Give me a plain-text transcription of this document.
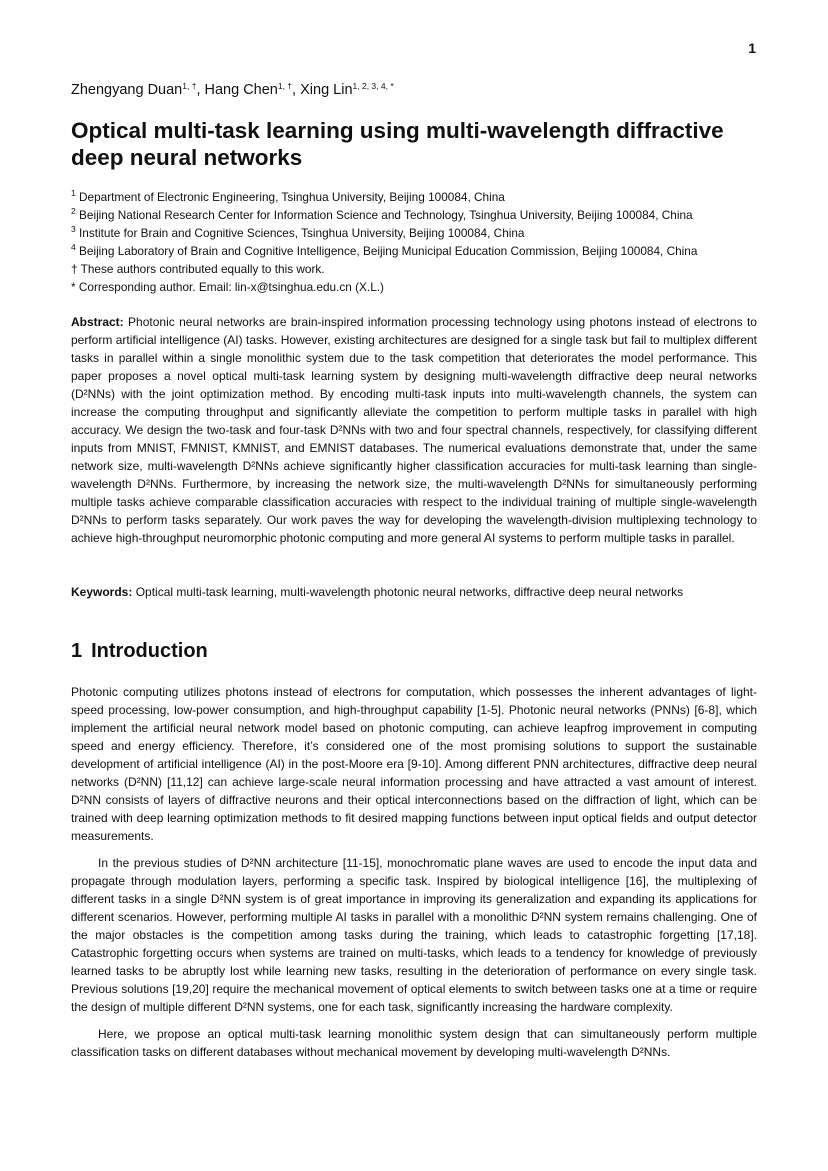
1
Zhengyang Duan$^{1, \dagger}$, Hang Chen$^{1, \dagger}$, Xing Lin$^{1, 2, 3, 4, *}$
Optical multi-task learning using multi-wavelength diffractive deep neural networks
$^1$ Department of Electronic Engineering, Tsinghua University, Beijing 100084, China
$^2$ Beijing National Research Center for Information Science and Technology, Tsinghua University, Beijing 100084, China
$^3$ Institute for Brain and Cognitive Sciences, Tsinghua University, Beijing 100084, China
$^4$ Beijing Laboratory of Brain and Cognitive Intelligence, Beijing Municipal Education Commission, Beijing 100084, China
† These authors contributed equally to this work.
* Corresponding author. Email: lin-x@tsinghua.edu.cn (X.L.)

Abstract: Photonic neural networks are brain-inspired information processing technology using photons instead of electrons to perform artificial intelligence (AI) tasks. However, existing architectures are designed for a single task but fail to multiplex different tasks in parallel within a single monolithic system due to the task competition that deteriorates the model performance. This paper proposes a novel optical multi-task learning system by designing multi-wavelength diffractive deep neural networks (D²NNs) with the joint optimization method. By encoding multi-task inputs into multi-wavelength channels, the system can increase the computing throughput and significantly alleviate the competition to perform multiple tasks in parallel with high accuracy. We design the two-task and four-task D²NNs with two and four spectral channels, respectively, for classifying different inputs from MNIST, FMNIST, KMNIST, and EMNIST databases. The numerical evaluations demonstrate that, under the same network size, multi-wavelength D²NNs achieve significantly higher classification accuracies for multi-task learning than single-wavelength D²NNs. Furthermore, by increasing the network size, the multi-wavelength D²NNs for simultaneously performing multiple tasks achieve comparable classification accuracies with respect to the individual training of multiple single-wavelength D²NNs to perform tasks separately. Our work paves the way for developing the wavelength-division multiplexing technology to achieve high-throughput neuromorphic photonic computing and more general AI systems to perform multiple tasks in parallel.

Keywords: Optical multi-task learning, multi-wavelength photonic neural networks, diffractive deep neural networks

1 Introduction

Photonic computing utilizes photons instead of electrons for computation, which possesses the inherent advantages of light-speed processing, low-power consumption, and high-throughput capability [1-5]. Photonic neural networks (PNNs) [6-8], which implement the artificial neural network model based on photonic computing, can achieve leapfrog improvement in computing speed and energy efficiency. Therefore, it’s considered one of the most promising solutions to support the sustainable development of artificial intelligence (AI) in the post-Moore era [9-10]. Among different PNN architectures, diffractive deep neural networks (D²NN) [11,12] can achieve large-scale neural information processing and have attracted a vast amount of interest. D²NN consists of layers of diffractive neurons and their optical interconnections based on the diffraction of light, which can be trained with deep learning optimization methods to fit desired mapping functions between input optical fields and output detector measurements.

In the previous studies of D²NN architecture [11-15], monochromatic plane waves are used to encode the input data and propagate through modulation layers, performing a specific task. Inspired by biological intelligence [16], the multiplexing of different tasks in a single D²NN system is of great importance in improving its generalization and expanding its applications for different scenarios. However, performing multiple AI tasks in parallel with a monolithic D²NN system remains challenging. One of the major obstacles is the competition among tasks during the training, which leads to catastrophic forgetting [17,18]. Catastrophic forgetting occurs when systems are trained on multi-tasks, which leads to a tendency for knowledge of previously learned tasks to be abruptly lost while learning new tasks, resulting in the deterioration of performance on every single task. Previous solutions [19,20] require the mechanical movement of optical elements to switch between tasks one at a time or require the design of multiple different D²NN systems, one for each task, significantly increasing the hardware complexity.

Here, we propose an optical multi-task learning monolithic system design that can simultaneously perform multiple classification tasks on different databases without mechanical movement by developing multi-wavelength D²NNs.
